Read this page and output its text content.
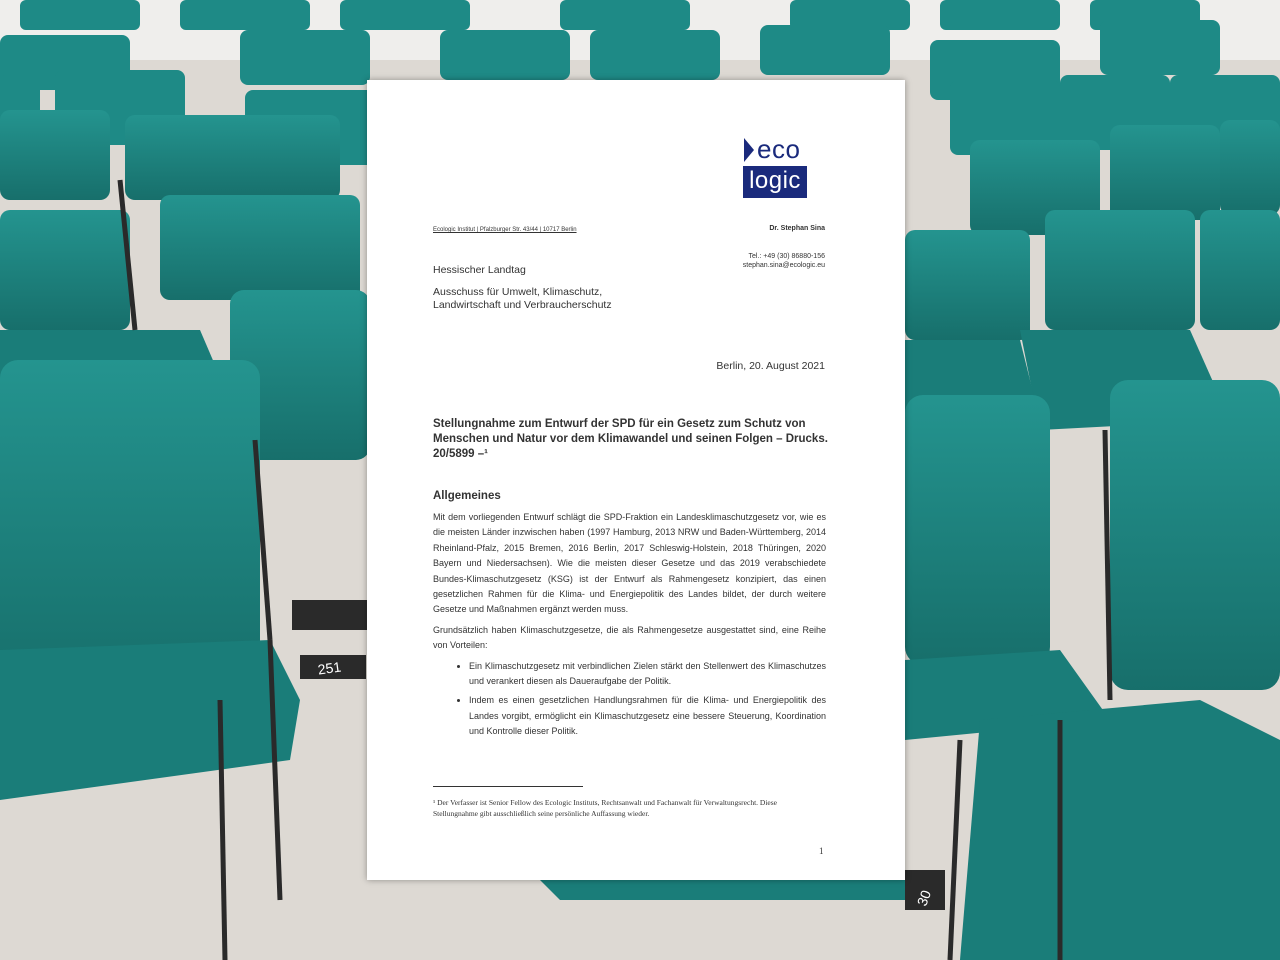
251
30
eco
logic
Ecologic Institut | Pfalzburger Str. 43/44 | 10717 Berlin	Dr. Stephan Sina
Tel.: +49 (30) 86880-156
stephan.sina@ecologic.eu
Hessischer Landtag
Ausschuss für Umwelt, Klimaschutz,
Landwirtschaft und Verbraucherschutz
Berlin, 20. August 2021
Stellungnahme zum Entwurf der SPD für ein Gesetz zum Schutz von Menschen und Natur vor dem Klimawandel und seinen Folgen – Drucks. 20/5899 –¹
Allgemeines

Mit dem vorliegenden Entwurf schlägt die SPD-Fraktion ein Landesklimaschutzgesetz vor, wie es die meisten Länder inzwischen haben (1997 Hamburg, 2013 NRW und Baden-Württemberg, 2014 Rheinland-Pfalz, 2015 Bremen, 2016 Berlin, 2017 Schleswig-Holstein, 2018 Thüringen, 2020 Bayern und Niedersachsen). Wie die meisten dieser Gesetze und das 2019 verabschiedete Bundes-Klimaschutzgesetz (KSG) ist der Entwurf als Rahmengesetz konzipiert, das einen gesetzlichen Rahmen für die Klima- und Energiepolitik des Landes bildet, der durch weitere Gesetze und Maßnahmen ergänzt werden muss.

Grundsätzlich haben Klimaschutzgesetze, die als Rahmengesetze ausgestattet sind, eine Reihe von Vorteilen:

• Ein Klimaschutzgesetz mit verbindlichen Zielen stärkt den Stellenwert des Klimaschutzes und verankert diesen als Daueraufgabe der Politik.
• Indem es einen gesetzlichen Handlungsrahmen für die Klima- und Energiepolitik des Landes vorgibt, ermöglicht ein Klimaschutzgesetz eine bessere Steuerung, Koordination und Kontrolle dieser Politik.
¹ Der Verfasser ist Senior Fellow des Ecologic Instituts, Rechtsanwalt und Fachanwalt für Verwaltungsrecht. Diese Stellungnahme gibt ausschließlich seine persönliche Auffassung wieder.
1
